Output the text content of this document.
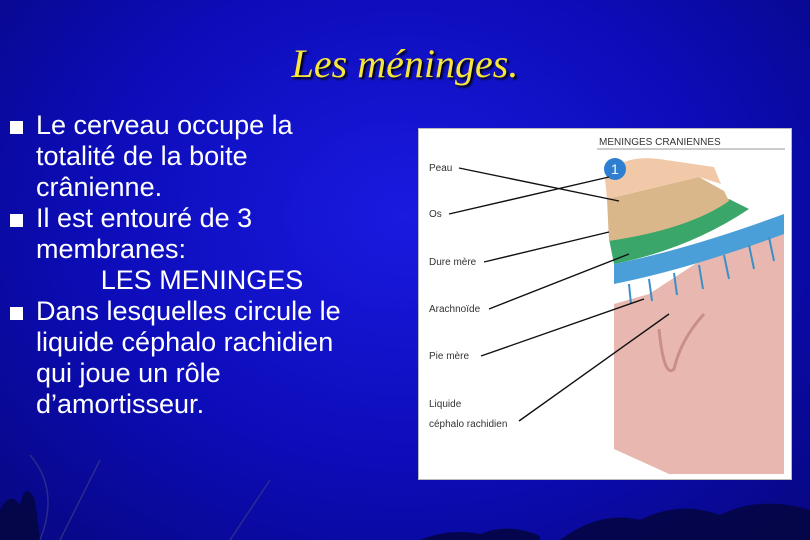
Les méninges.
Le cerveau occupe la
totalité de la boite
crânienne.
Il est entouré de 3
membranes:
LES MENINGES
Dans lesquelles circule le
liquide céphalo rachidien
qui joue un rôle
d’amortisseur.
MENINGES CRANIENNES
1
Peau
Os
Dure mère
Arachnoïde
Pie mère
Liquide
céphalo rachidien
